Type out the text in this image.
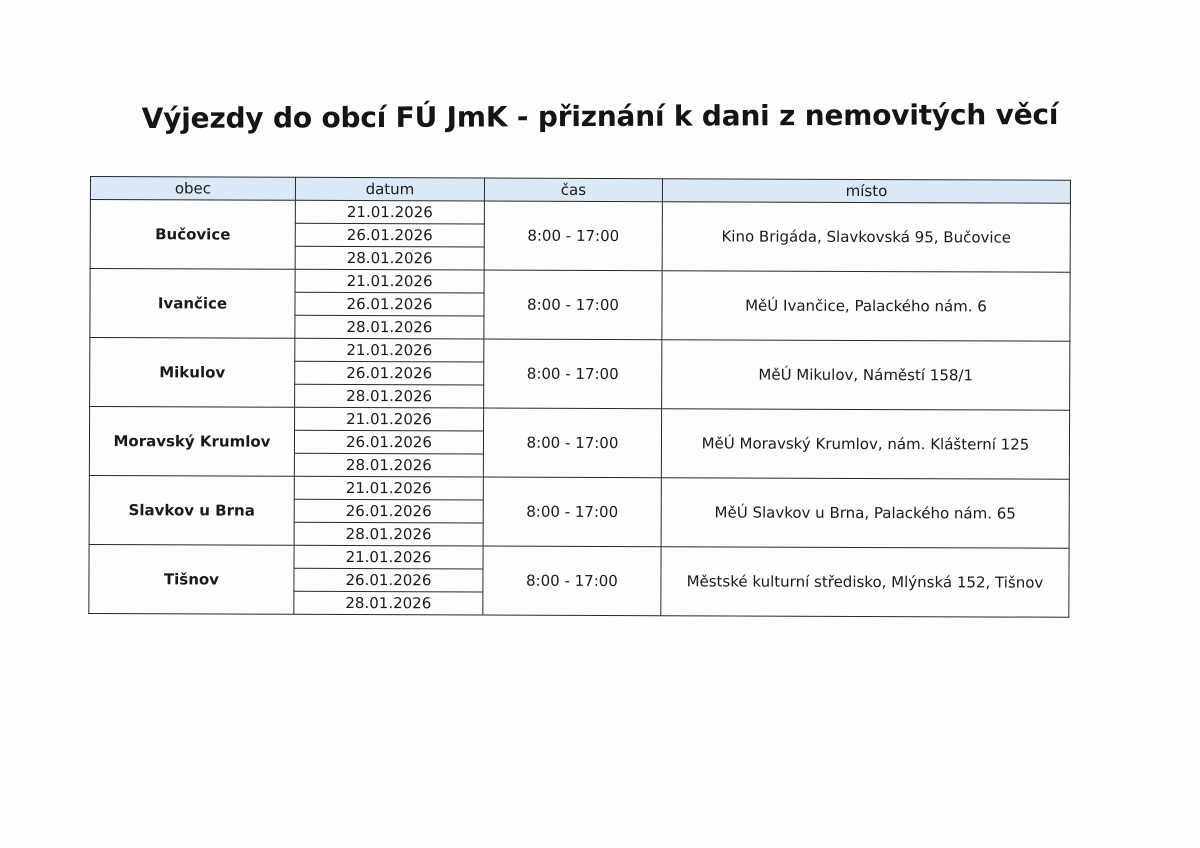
Výjezdy do obcí FÚ JmK - přiznání k dani z nemovitých věcí
obec	datum	čas	místo
Bučovice	21.01.2026	8:00 - 17:00	Kino Brigáda, Slavkovská 95, Bučovice
	26.01.2026		
	28.01.2026		
Ivančice	21.01.2026	8:00 - 17:00	MěÚ Ivančice, Palackého nám. 6
	26.01.2026		
	28.01.2026		
Mikulov	21.01.2026	8:00 - 17:00	MěÚ Mikulov, Náměstí 158/1
	26.01.2026		
	28.01.2026		
Moravský Krumlov	21.01.2026	8:00 - 17:00	MěÚ Moravský Krumlov, nám. Klášterní 125
	26.01.2026		
	28.01.2026		
Slavkov u Brna	21.01.2026	8:00 - 17:00	MěÚ Slavkov u Brna, Palackého nám. 65
	26.01.2026		
	28.01.2026		
Tišnov	21.01.2026	8:00 - 17:00	Městské kulturní středisko, Mlýnská 152, Tišnov
	26.01.2026		
	28.01.2026		
